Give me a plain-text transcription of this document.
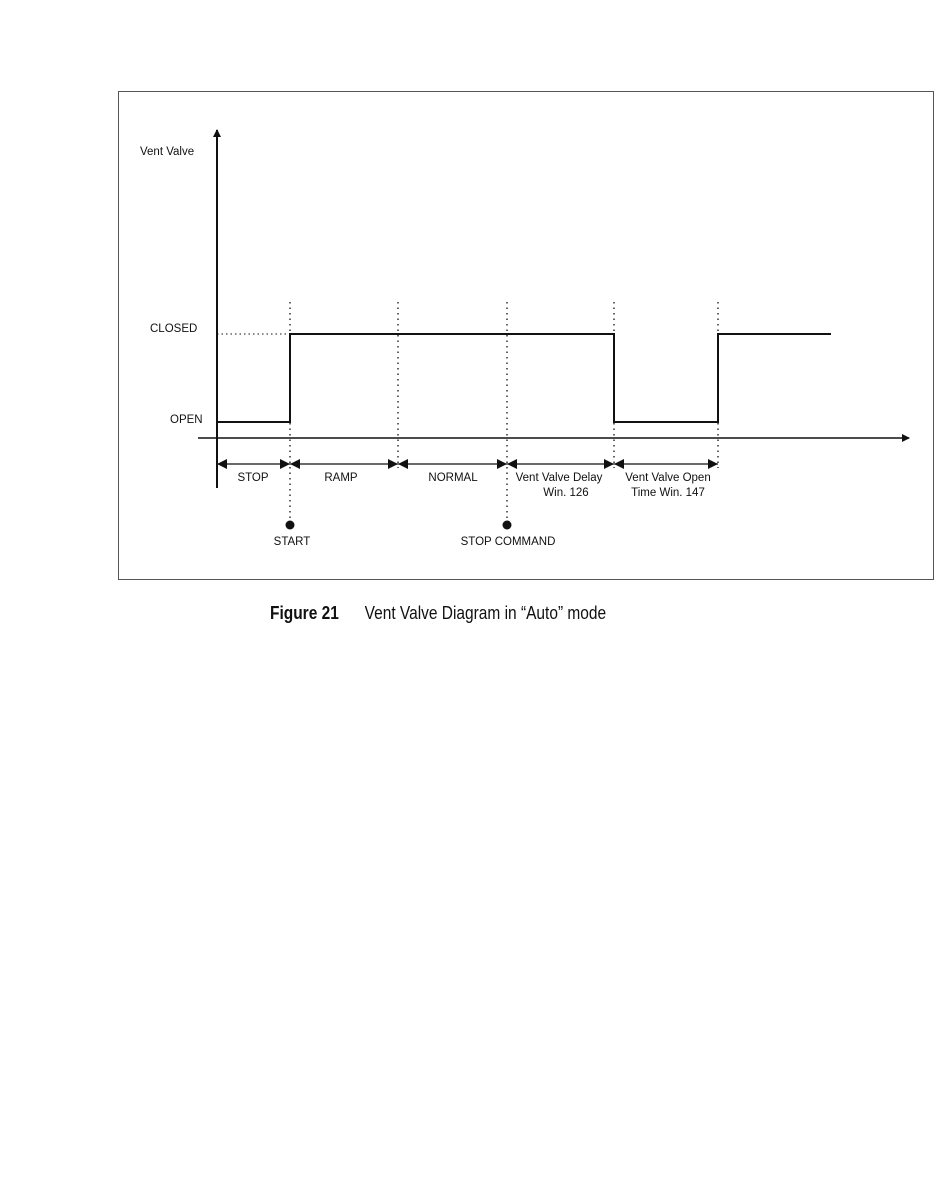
Vent Valve
CLOSED
OPEN
STOP	RAMP	NORMAL	Vent Valve Delay
Win. 126
Vent Valve Open
Time Win. 147
START	STOP COMMAND
Figure 21 Vent Valve Diagram in “Auto” mode
